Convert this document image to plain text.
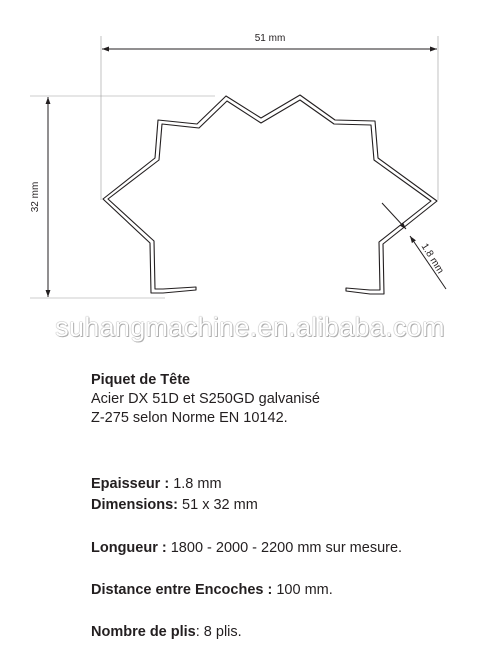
51 mm
32 mm
1.8 mm
suhangmachine.en.alibaba.com
Piquet de Tête
Acier DX 51D et S250GD galvanisé
Z-275 selon Norme EN 10142.
Epaisseur : 1.8 mm
Dimensions: 51 x 32 mm
Longueur : 1800 - 2000 - 2200 mm sur mesure.
Distance entre Encoches : 100 mm.
Nombre de plis: 8 plis.
